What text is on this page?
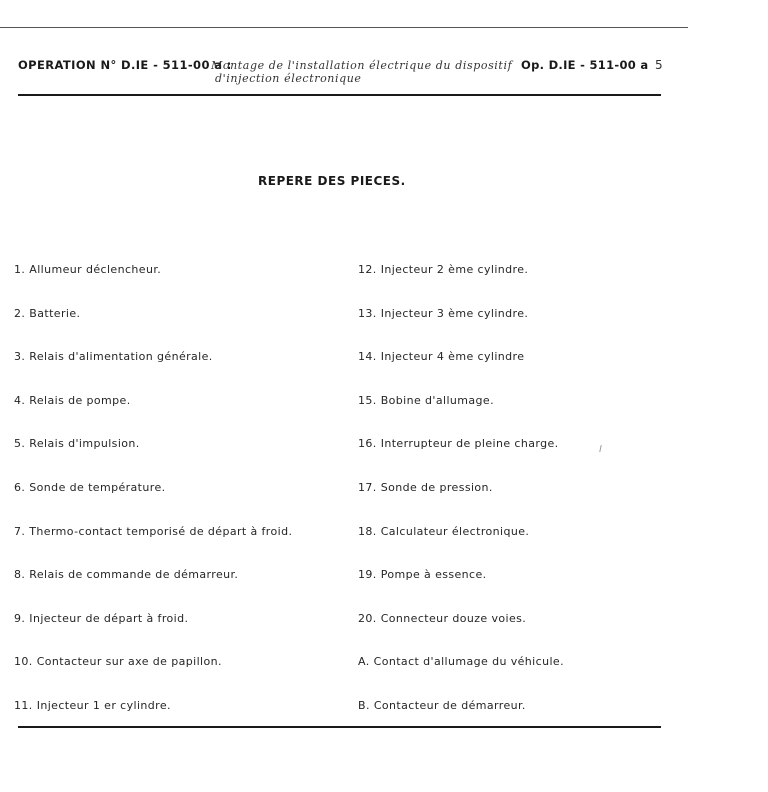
OPERATION N° D.IE - 511-00 a :
Montage de l'installation électrique du dispositif
d'injection électronique
Op. D.IE - 511-00 a 5
REPERE DES PIECES.
1. Allumeur déclencheur.
2. Batterie.
3. Relais d'alimentation générale.
4. Relais de pompe.
5. Relais d'impulsion.
6. Sonde de température.
7. Thermo-contact temporisé de départ à froid.
8. Relais de commande de démarreur.
9. Injecteur de départ à froid.
10. Contacteur sur axe de papillon.
11. Injecteur 1 er cylindre.
12. Injecteur 2 ème cylindre.
13. Injecteur 3 ème cylindre.
14. Injecteur 4 ème cylindre
15. Bobine d'allumage.
16. Interrupteur de pleine charge.
17. Sonde de pression.
18. Calculateur électronique.
19. Pompe à essence.
20. Connecteur douze voies.
A. Contact d'allumage du véhicule.
B. Contacteur de démarreur.
